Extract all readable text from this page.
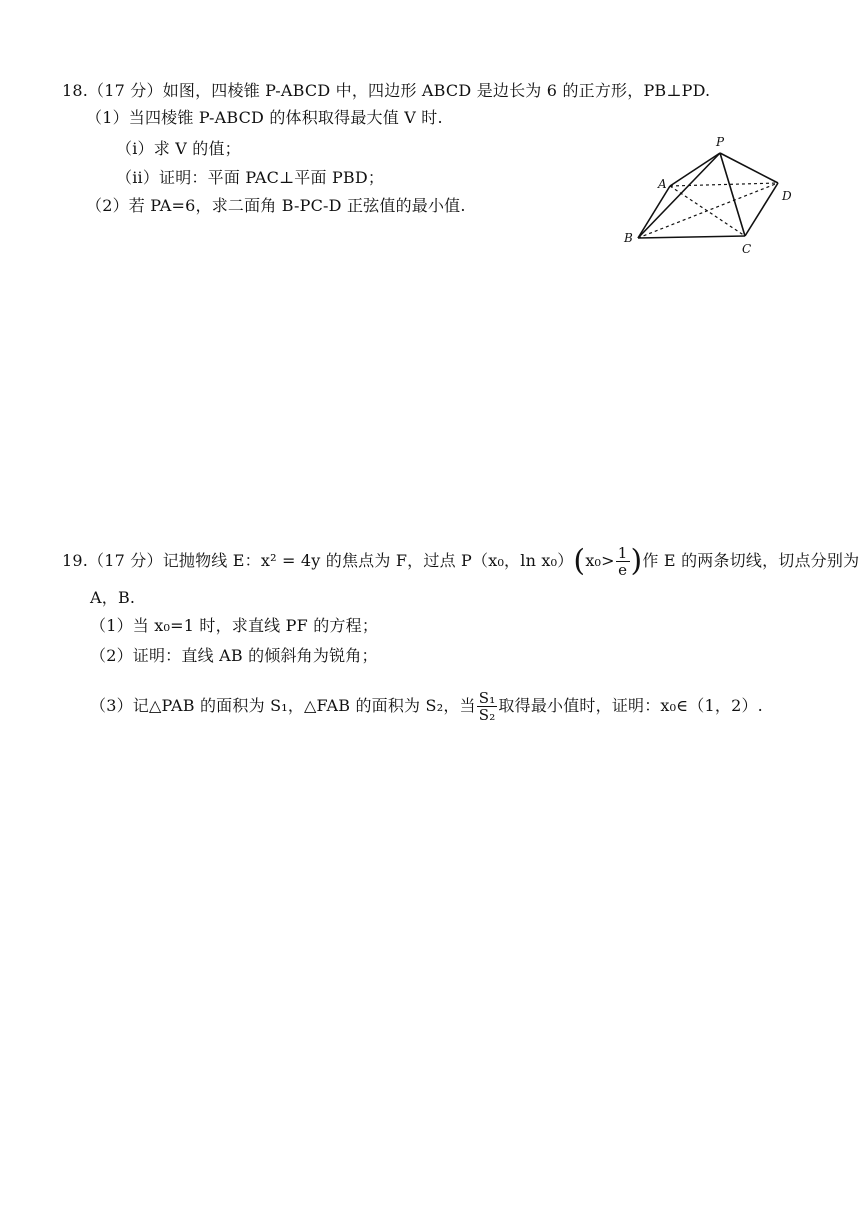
18.（17 分）如图，四棱锥 P-ABCD 中，四边形 ABCD 是边长为 6 的正方形，PB⊥PD.
（1）当四棱锥 P-ABCD 的体积取得最大值 V 时.
（i）求 V 的值；
（ii）证明：平面 PAC⊥平面 PBD；
（2）若 PA=6，求二面角 B-PC-D 正弦值的最小值.
P
A
B
C
D
19.（17 分）记抛物线 E：x² = 4y 的焦点为 F，过点 P（x₀，$\ln x_0)(x_0> \frac{1}{e}$ )作 E 的两条切线，切点分别为
A，B.
（1）当 x₀=1 时，求直线 PF 的方程；
（2）证明：直线 AB 的倾斜角为锐角；
（3）记△PAB 的面积为 S₁，△FAB 的面积为 S₂，当 $\frac{\text{S₁}}{\text{S₂}}$ 取得最小值时，证明：x₀∈（1，2）.
